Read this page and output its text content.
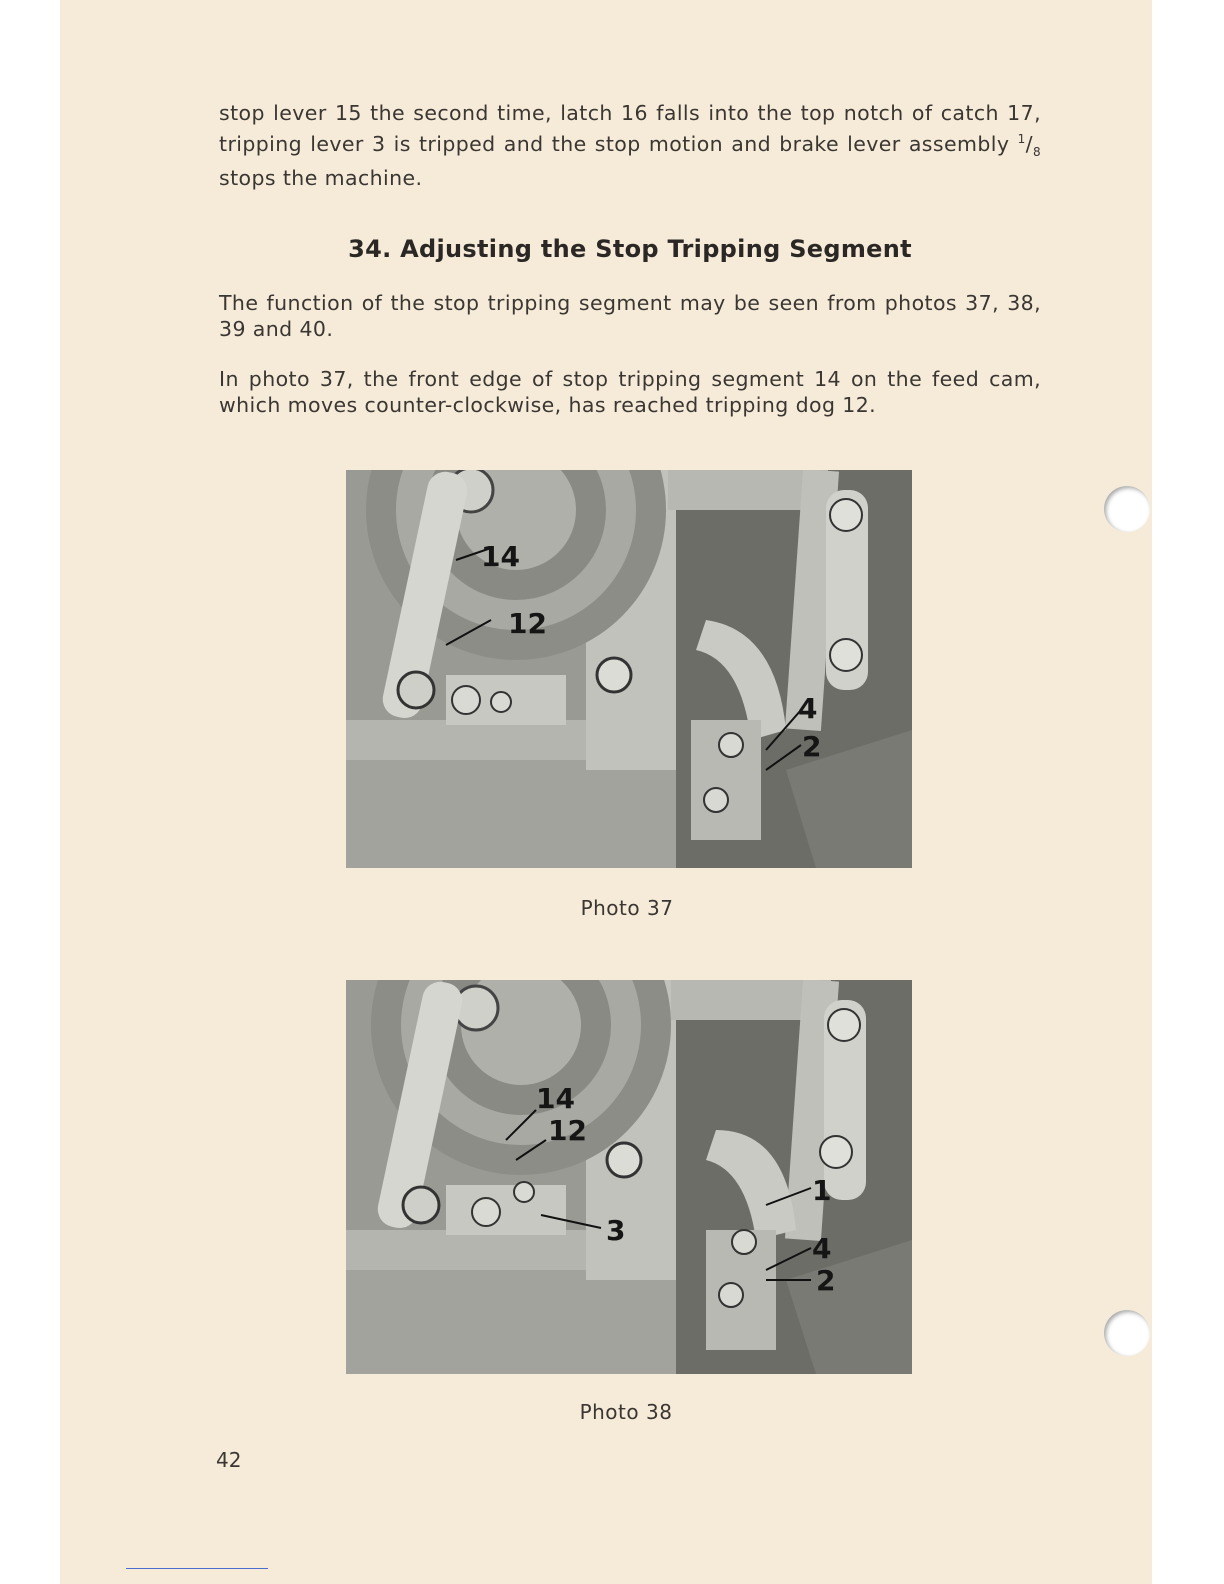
stop lever 15 the second time, latch 16 falls into the top notch of catch 17, tripping lever 3 is tripped and the stop motion and brake lever assembly $^1/_8$ stops the machine.

34. Adjusting the Stop Tripping Segment

The function of the stop tripping segment may be seen from photos 37, 38, 39 and 40.

In photo 37, the front edge of stop tripping segment 14 on the feed cam, which moves counter-clockwise, has reached tripping dog 12.

14
12
4
2
Photo 37
14
12
3
1
4
2
Photo 38
42
